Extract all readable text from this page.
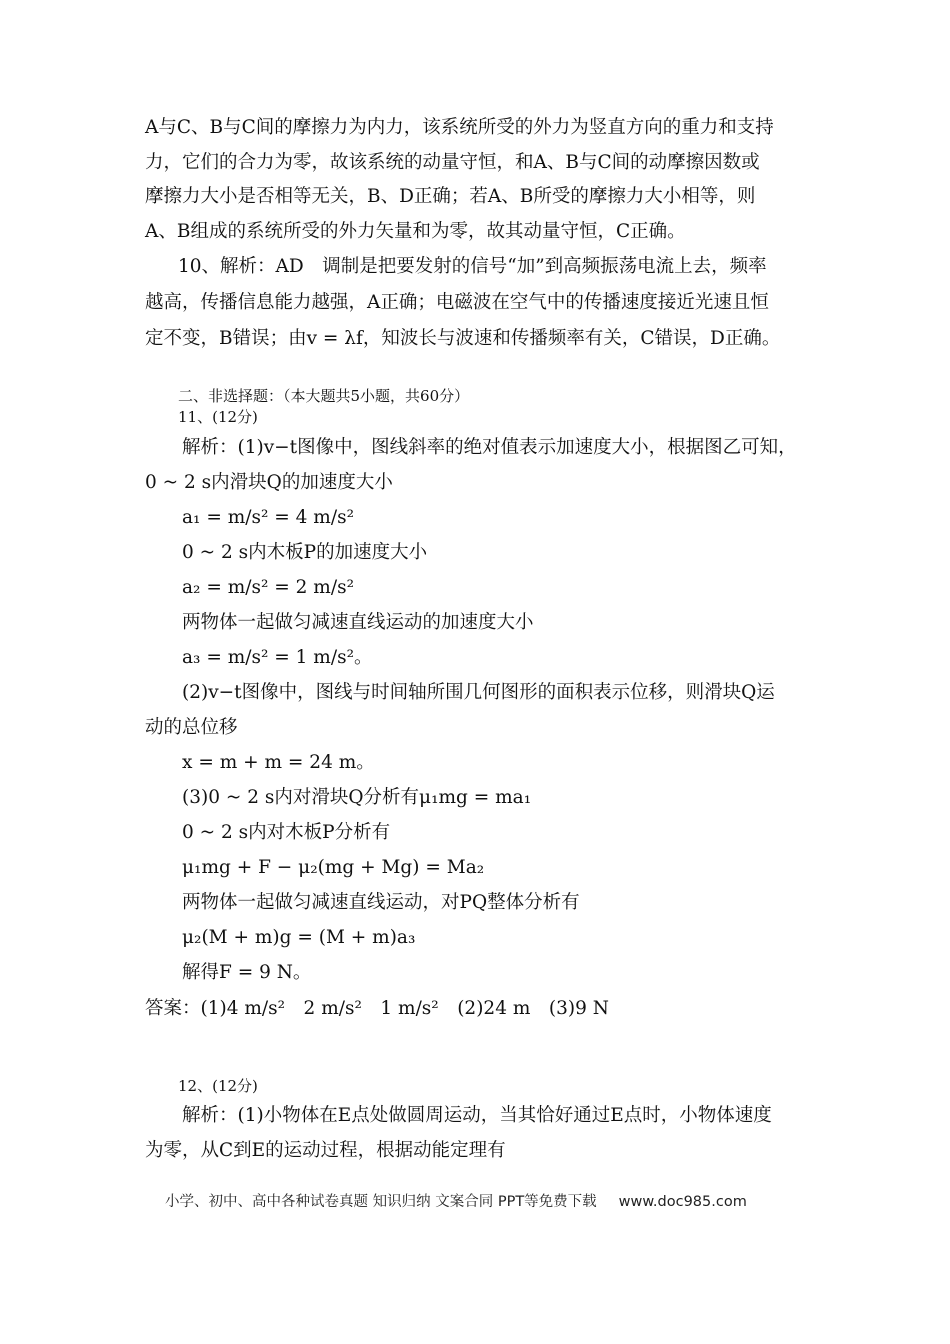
A与C、B与C间的摩擦力为内力，该系统所受的外力为竖直方向的重力和支持
力，它们的合力为零，故该系统的动量守恒，和A、B与C间的动摩擦因数或
摩擦力大小是否相等无关，B、D正确；若A、B所受的摩擦力大小相等，则
A、B组成的系统所受的外力矢量和为零，故其动量守恒，C正确。
10、解析：AD　调制是把要发射的信号“加”到高频振荡电流上去，频率
越高，传播信息能力越强，A正确；电磁波在空气中的传播速度接近光速且恒
定不变，B错误；由v = λf，知波长与波速和传播频率有关，C错误，D正确。
二、非选择题：（本大题共5小题，共60分）
11、(12分)
解析：(1)v−t图像中，图线斜率的绝对值表示加速度大小，根据图乙可知，
0 ~ 2 s内滑块Q的加速度大小
a₁ = m/s² = 4 m/s²
0 ~ 2 s内木板P的加速度大小
a₂ = m/s² = 2 m/s²
两物体一起做匀减速直线运动的加速度大小
a₃ = m/s² = 1 m/s²。
(2)v−t图像中，图线与时间轴所围几何图形的面积表示位移，则滑块Q运
动的总位移
x = m + m = 24 m。
(3)0 ~ 2 s内对滑块Q分析有μ₁mg = ma₁
0 ~ 2 s内对木板P分析有
μ₁mg + F − μ₂(mg + Mg) = Ma₂
两物体一起做匀减速直线运动，对PQ整体分析有
μ₂(M + m)g = (M + m)a₃
解得F = 9 N。
答案：(1)4 m/s²　2 m/s²　1 m/s²　(2)24 m　(3)9 N
12、(12分)
解析：(1)小物体在E点处做圆周运动，当其恰好通过E点时，小物体速度
为零，从C到E的运动过程，根据动能定理有
小学、初中、高中各种试卷真题 知识归纳 文案合同 PPT等免费下载 www.doc985.com
